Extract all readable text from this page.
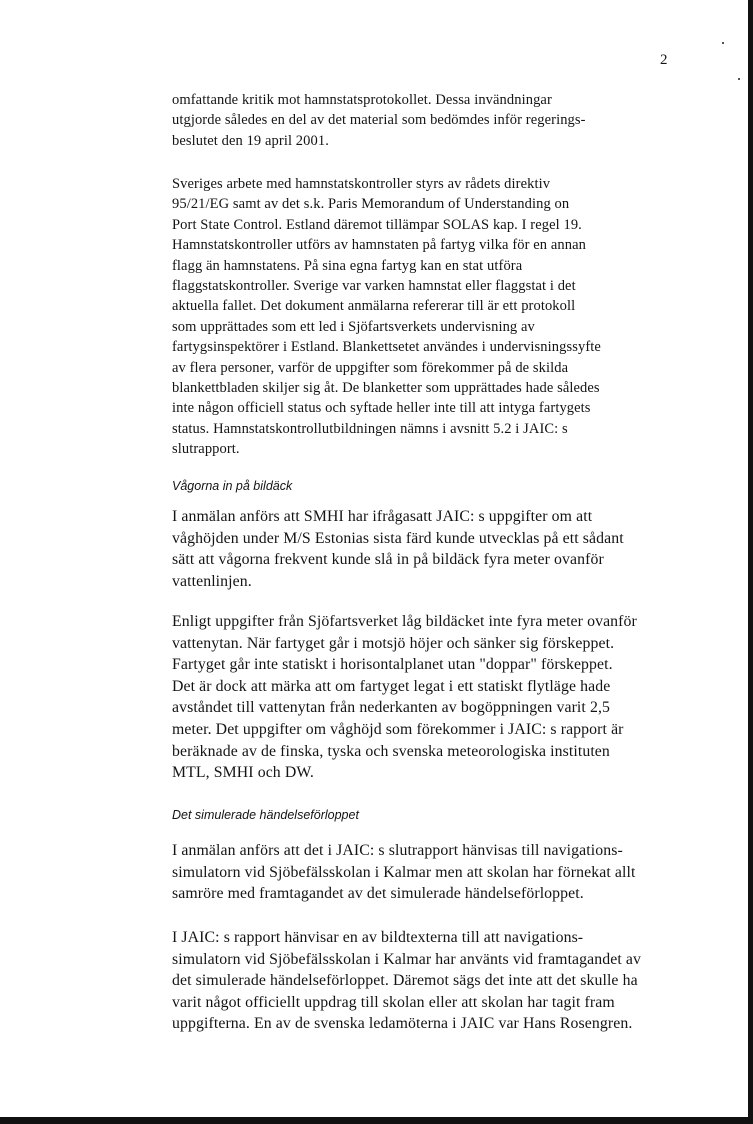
2
omfattande kritik mot hamnstatsprotokollet. Dessa invändningar
utgjorde således en del av det material som bedömdes inför regerings-
beslutet den 19 april 2001.
Sveriges arbete med hamnstatskontroller styrs av rådets direktiv
95/21/EG samt av det s.k. Paris Memorandum of Understanding on
Port State Control. Estland däremot tillämpar SOLAS kap. I regel 19.
Hamnstatskontroller utförs av hamnstaten på fartyg vilka för en annan
flagg än hamnstatens. På sina egna fartyg kan en stat utföra
flaggstatskontroller. Sverige var varken hamnstat eller flaggstat i det
aktuella fallet. Det dokument anmälarna refererar till är ett protokoll
som upprättades som ett led i Sjöfartsverkets undervisning av
fartygsinspektörer i Estland. Blankettsetet användes i undervisningssyfte
av flera personer, varför de uppgifter som förekommer på de skilda
blankettbladen skiljer sig åt. De blanketter som upprättades hade således
inte någon officiell status och syftade heller inte till att intyga fartygets
status. Hamnstatskontrollutbildningen nämns i avsnitt 5.2 i JAIC: s
slutrapport.
Vågorna in på bildäck
I anmälan anförs att SMHI har ifrågasatt JAIC: s uppgifter om att
våghöjden under M/S Estonias sista färd kunde utvecklas på ett sådant
sätt att vågorna frekvent kunde slå in på bildäck fyra meter ovanför
vattenlinjen.
Enligt uppgifter från Sjöfartsverket låg bildäcket inte fyra meter ovanför
vattenytan. När fartyget går i motsjö höjer och sänker sig förskeppet.
Fartyget går inte statiskt i horisontalplanet utan "doppar" förskeppet.
Det är dock att märka att om fartyget legat i ett statiskt flytläge hade
avståndet till vattenytan från nederkanten av bogöppningen varit 2,5
meter. Det uppgifter om våghöjd som förekommer i JAIC: s rapport är
beräknade av de finska, tyska och svenska meteorologiska instituten
MTL, SMHI och DW.
Det simulerade händelseförloppet
I anmälan anförs att det i JAIC: s slutrapport hänvisas till navigations-
simulatorn vid Sjöbefälsskolan i Kalmar men att skolan har förnekat allt
samröre med framtagandet av det simulerade händelseförloppet.
I JAIC: s rapport hänvisar en av bildtexterna till att navigations-
simulatorn vid Sjöbefälsskolan i Kalmar har använts vid framtagandet av
det simulerade händelseförloppet. Däremot sägs det inte att det skulle ha
varit något officiellt uppdrag till skolan eller att skolan har tagit fram
uppgifterna. En av de svenska ledamöterna i JAIC var Hans Rosengren.
